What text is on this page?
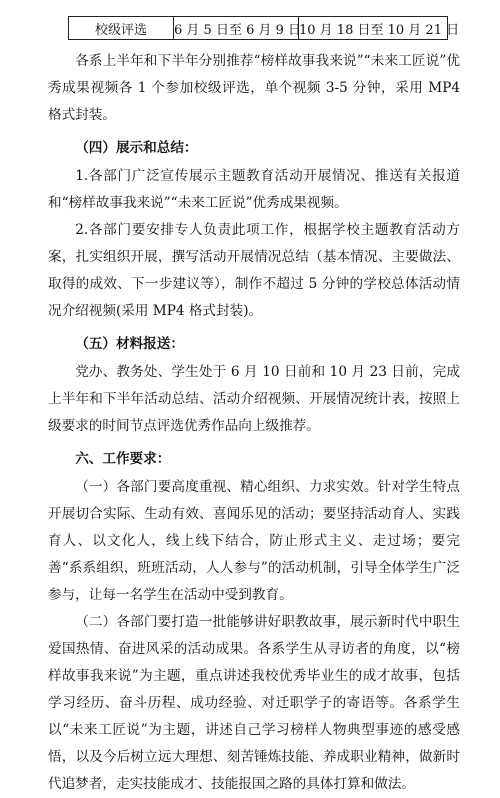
校级评选	6 月 5 日至 6 月 9 日	10 月 18 日至 10 月 21 日

各系上半年和下半年分别推荐“榜样故事我来说”“未来工匠说”优秀成果视频各 1 个参加校级评选，单个视频 3-5 分钟，采用 MP4 格式封装。

（四）展示和总结：

1.各部门广泛宣传展示主题教育活动开展情况、推送有关报道和“榜样故事我来说”“未来工匠说”优秀成果视频。

2.各部门要安排专人负责此项工作，根据学校主题教育活动方案，扎实组织开展，撰写活动开展情况总结（基本情况、主要做法、取得的成效、下一步建议等），制作不超过 5 分钟的学校总体活动情况介绍视频(采用 MP4 格式封装)。

（五）材料报送：

党办、教务处、学生处于 6 月 10 日前和 10 月 23 日前，完成上半年和下半年活动总结、活动介绍视频、开展情况统计表，按照上级要求的时间节点评选优秀作品向上级推荐。

六、工作要求：

（一）各部门要高度重视、精心组织、力求实效。针对学生特点开展切合实际、生动有效、喜闻乐见的活动；要坚持活动育人、实践育人、以文化人，线上线下结合，防止形式主义、走过场；要完善“系系组织，班班活动，人人参与”的活动机制，引导全体学生广泛参与，让每一名学生在活动中受到教育。

（二）各部门要打造一批能够讲好职教故事，展示新时代中职生爱国热情、奋进风采的活动成果。各系学生从寻访者的角度，以“榜样故事我来说”为主题，重点讲述我校优秀毕业生的成才故事，包括学习经历、奋斗历程、成功经验、对迁职学子的寄语等。各系学生以“未来工匠说”为主题，讲述自己学习榜样人物典型事迹的感受感悟，以及今后树立远大理想、刻苦锤炼技能、养成职业精神，做新时代追梦者，走实技能成才、技能报国之路的具体打算和做法。
